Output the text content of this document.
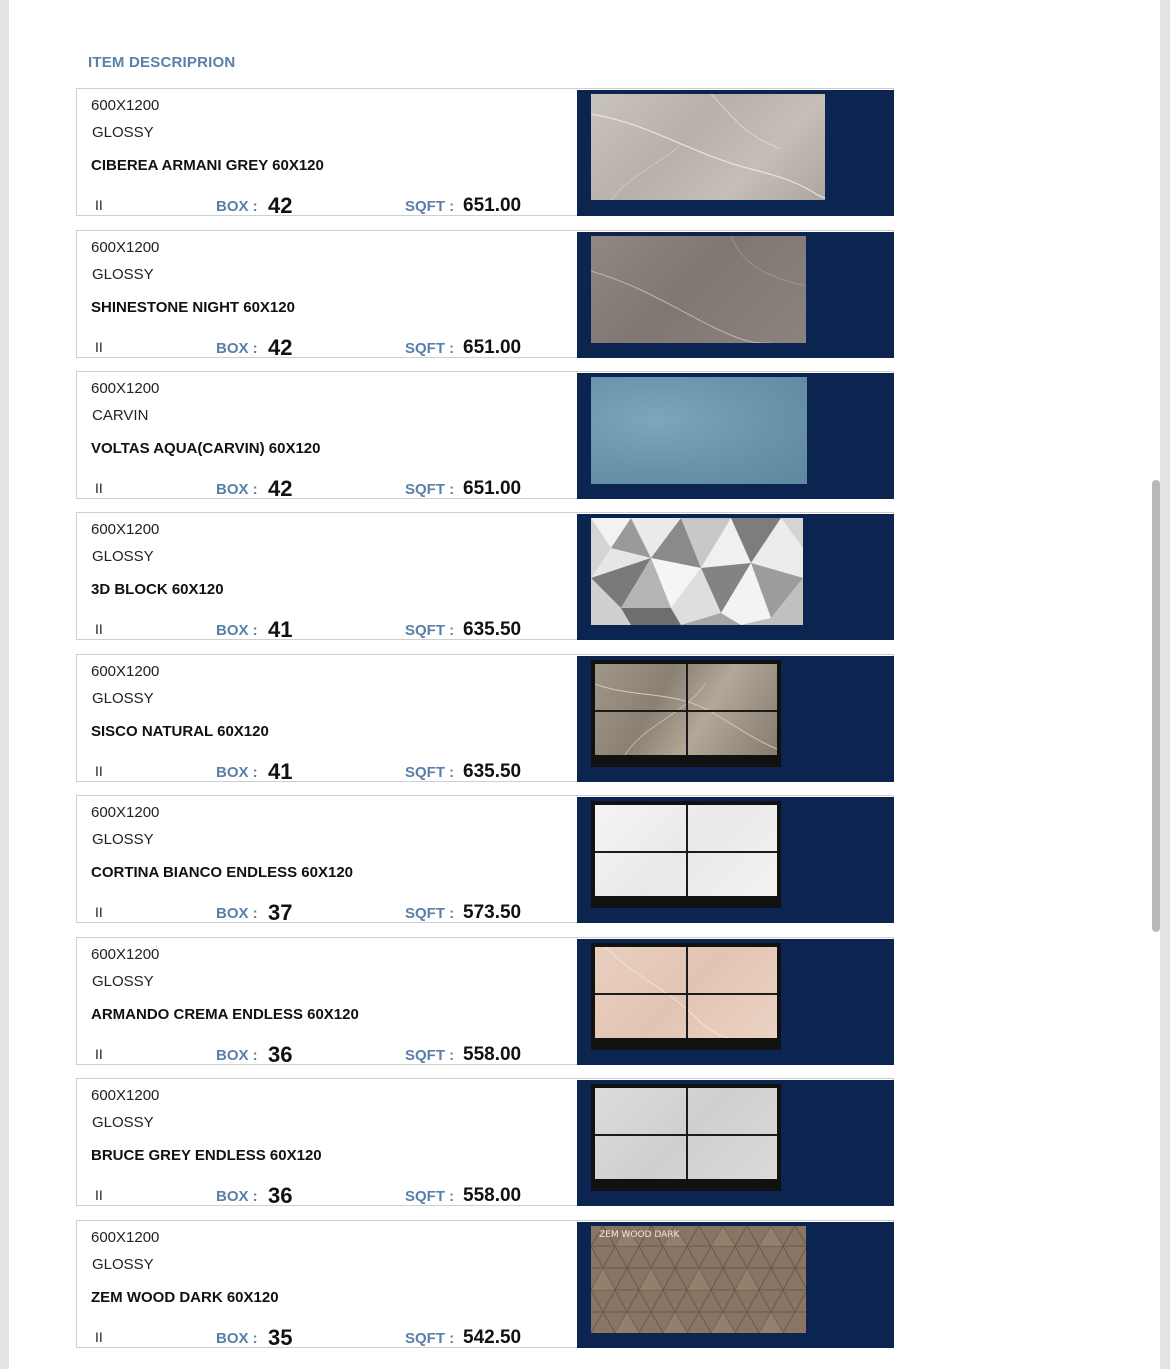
ITEM DESCRIPRION
600X1200
GLOSSY
CIBEREA ARMANI GREY 60X120
II	BOX : 42	SQFT : 651.00
600X1200
GLOSSY
SHINESTONE NIGHT 60X120
II	BOX : 42	SQFT : 651.00
600X1200
CARVIN
VOLTAS AQUA(CARVIN) 60X120
II	BOX : 42	SQFT : 651.00
600X1200
GLOSSY
3D BLOCK 60X120
II	BOX : 41	SQFT : 635.50
600X1200
GLOSSY
SISCO NATURAL 60X120
II	BOX : 41	SQFT : 635.50
600X1200
GLOSSY
CORTINA BIANCO ENDLESS 60X120
II	BOX : 37	SQFT : 573.50
600X1200
GLOSSY
ARMANDO CREMA ENDLESS 60X120
II	BOX : 36	SQFT : 558.00
600X1200
GLOSSY
BRUCE GREY ENDLESS 60X120
II	BOX : 36	SQFT : 558.00
600X1200
GLOSSY
ZEM WOOD DARK 60X120
II	BOX : 35	SQFT : 542.50
ZEM WOOD DARK
